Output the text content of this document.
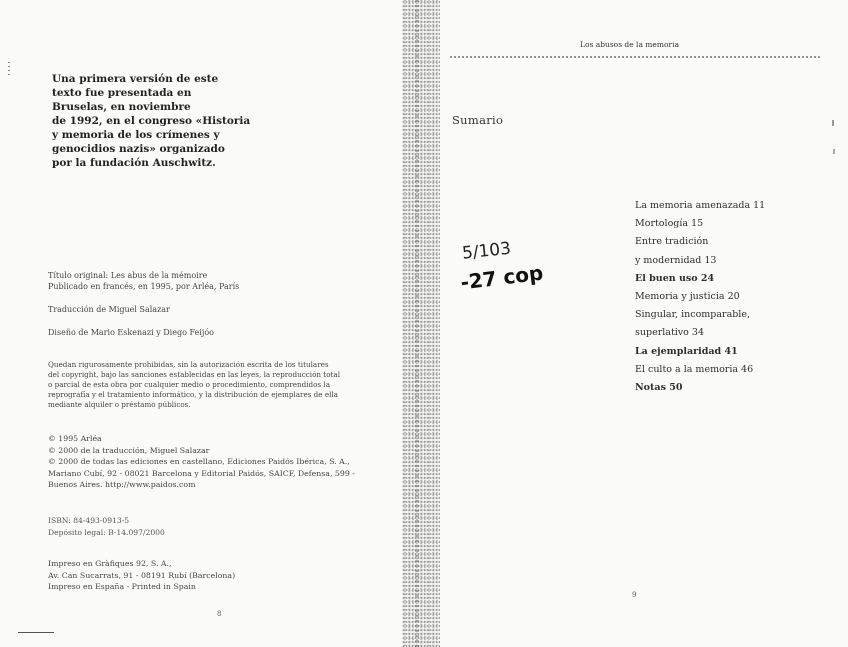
Una primera versión de este
texto fue presentada en
Bruselas, en noviembre
de 1992, en el congreso «Historia
y memoria de los crímenes y
genocidios nazis» organizado
por la fundación Auschwitz.

Título original: Les abus de la mémoire

Publicado en francés, en 1995, por Arléa, París

Traducción de Miguel Salazar

Diseño de Mario Eskenazi y Diego Feijóo

Quedan rigurosamente prohibidas, sin la autorización escrita de los titulares

del copyright, bajo las sanciones establecidas en las leyes, la reproducción total

o parcial de esta obra por cualquier medio o procedimiento, comprendidos la

reprografía y el tratamiento informático, y la distribución de ejemplares de ella

mediante alquiler o préstamo públicos.

© 1995 Arléa

© 2000 de la traducción, Miguel Salazar

© 2000 de todas las ediciones en castellano, Ediciones Paidós Ibérica, S. A.,

Mariano Cubí, 92 - 08021 Barcelona y Editorial Paidós, SAICF, Defensa, 599 -

Buenos Aires. http://www.paidos.com

ISBN: 84-493-0913-5

Depósito legal: B-14.097/2000

Impreso en Gràfiques 92, S. A.,

Av. Can Sucarrats, 91 - 08191 Rubí (Barcelona)

Impreso en España - Printed in Spain

8
Los abusos de la memoria
Sumario
5/103
-27 cop

La memoria amenazada 11

Mortología 15

Entre tradición

y modernidad 13

El buen uso 24

Memoria y justicia 20

Singular, incomparable,

superlativo 34

La ejemplaridad 41

El culto a la memoria 46

Notas 50

9
